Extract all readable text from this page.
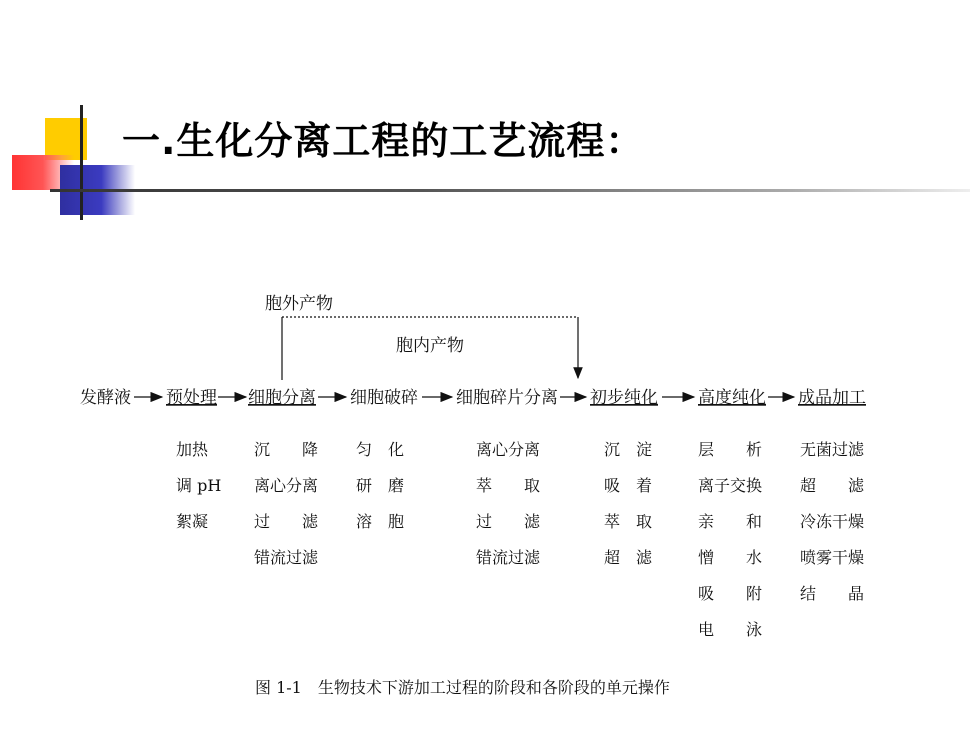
一.生化分离工程的工艺流程：
胞外产物
胞内产物
发酵液 预处理 细胞分离 细胞破碎 细胞碎片分离 初步纯化 高度纯化 成品加工
加热
调 pH
絮凝
沉　　降
离心分离
过　　滤
错流过滤
匀　化
研　磨
溶　胞
离心分离
萃　　取
过　　滤
错流过滤
沉　淀
吸　着
萃　取
超　滤
层　　析
离子交换
亲　　和
憎　　水
吸　　附
电　　泳
无菌过滤
超　　滤
冷冻干燥
喷雾干燥
结　　晶
图 1-1　生物技术下游加工过程的阶段和各阶段的单元操作
